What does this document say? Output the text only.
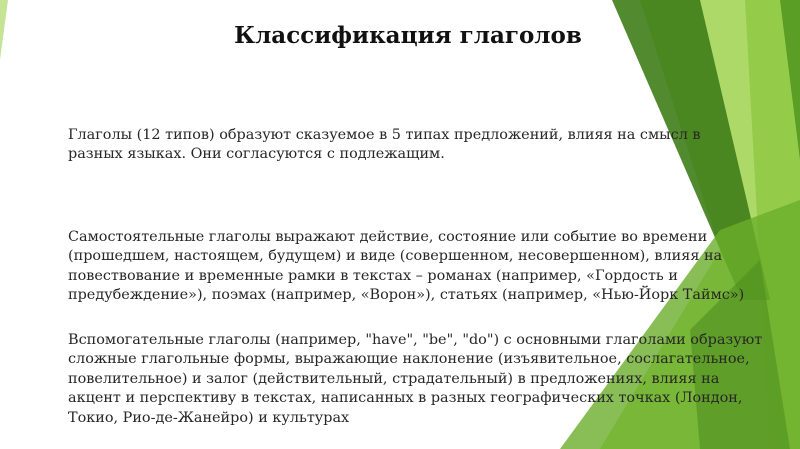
Классификация глаголов
Глаголы (12 типов) образуют сказуемое в 5 типах предложений, влияя на смысл в
разных языках. Они согласуются с подлежащим.
Самостоятельные глаголы выражают действие, состояние или событие во времени
(прошедшем, настоящем, будущем) и виде (совершенном, несовершенном), влияя на
повествование и временные рамки в текстах – романах (например, «Гордость и
предубеждение»), поэмах (например, «Ворон»), статьях (например, «Нью-Йорк Таймс»)
Вспомогательные глаголы (например, "have", "be", "do") с основными глаголами образуют
сложные глагольные формы, выражающие наклонение (изъявительное, сослагательное,
повелительное) и залог (действительный, страдательный) в предложениях, влияя на
акцент и перспективу в текстах, написанных в разных географических точках (Лондон,
Токио, Рио-де-Жанейро) и культурах
